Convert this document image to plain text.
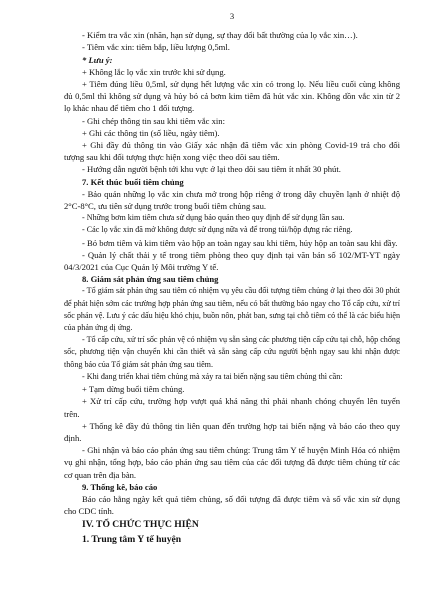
3

- Kiểm tra vắc xin (nhãn, hạn sử dụng, sự thay đổi bất thường của lọ vắc xin…).

- Tiêm vắc xin: tiêm bắp, liều lượng 0,5ml.

* Lưu ý:

+ Không lắc lọ vắc xin trước khi sử dụng.

+ Tiêm đúng liều 0,5ml, sử dụng hết lượng vắc xin có trong lọ. Nếu liều cuối cùng không đủ 0,5ml thì không sử dụng và hủy bỏ cả bơm kim tiêm đã hút vắc xin. Không dồn vắc xin từ 2 lọ khác nhau để tiêm cho 1 đối tượng.

- Ghi chép thông tin sau khi tiêm vắc xin:

+ Ghi các thông tin (số liều, ngày tiêm).

+ Ghi đầy đủ thông tin vào Giấy xác nhận đã tiêm vắc xin phòng Covid-19 trả cho đối tượng sau khi đối tượng thực hiện xong việc theo dõi sau tiêm.

- Hướng dẫn người bệnh tới khu vực ở lại theo dõi sau tiêm ít nhất 30 phút.

7. Kết thúc buổi tiêm chủng

- Bảo quản những lọ vắc xin chưa mở trong hộp riêng ở trong dây chuyền lạnh ở nhiệt độ 2°C-8°C, ưu tiên sử dụng trước trong buổi tiêm chủng sau.

- Những bơm kim tiêm chưa sử dụng bảo quản theo quy định để sử dụng lần sau.

- Các lọ vắc xin đã mở không được sử dụng nữa và để trong túi/hộp đựng rác riêng.

- Bỏ bơm tiêm và kim tiêm vào hộp an toàn ngay sau khi tiêm, hủy hộp an toàn sau khi đầy.

- Quản lý chất thải y tế trong tiêm phòng theo quy định tại văn bản số 102/MT-YT ngày 04/3/2021 của Cục Quản lý Môi trường Y tế.

8. Giám sát phản ứng sau tiêm chủng

- Tổ giám sát phản ứng sau tiêm có nhiệm vụ yêu cầu đối tượng tiêm chủng ở lại theo dõi 30 phút để phát hiện sớm các trường hợp phản ứng sau tiêm, nếu có bất thường báo ngay cho Tổ cấp cứu, xử trí sốc phản vệ. Lưu ý các dấu hiệu khó chịu, buồn nôn, phát ban, sưng tại chỗ tiêm có thể là các biểu hiện của phản ứng dị ứng.

- Tổ cấp cứu, xử trí sốc phản vệ có nhiệm vụ sẵn sàng các phương tiện cấp cứu tại chỗ, hộp chống sốc, phương tiện vận chuyển khi cần thiết và sẵn sàng cấp cứu người bệnh ngay sau khi nhận được thông báo của Tổ giám sát phản ứng sau tiêm.

- Khi đang triển khai tiêm chủng mà xảy ra tai biến nặng sau tiêm chủng thì cần:

+ Tạm dừng buổi tiêm chủng.

+ Xử trí cấp cứu, trường hợp vượt quá khả năng thì phải nhanh chóng chuyển lên tuyến trên.

+ Thống kê đầy đủ thông tin liên quan đến trường hợp tai biến nặng và báo cáo theo quy định.

- Ghi nhận và báo cáo phản ứng sau tiêm chủng: Trung tâm Y tế huyện Minh Hóa có nhiệm vụ ghi nhận, tổng hợp, báo cáo phản ứng sau tiêm của các đối tượng đã được tiêm chủng từ các cơ quan trên địa bàn.

9. Thống kê, báo cáo

Báo cáo hằng ngày kết quả tiêm chủng, số đối tượng đã được tiêm và số vắc xin sử dụng cho CDC tỉnh.

IV. TỔ CHỨC THỰC HIỆN

1. Trung tâm Y tế huyện
